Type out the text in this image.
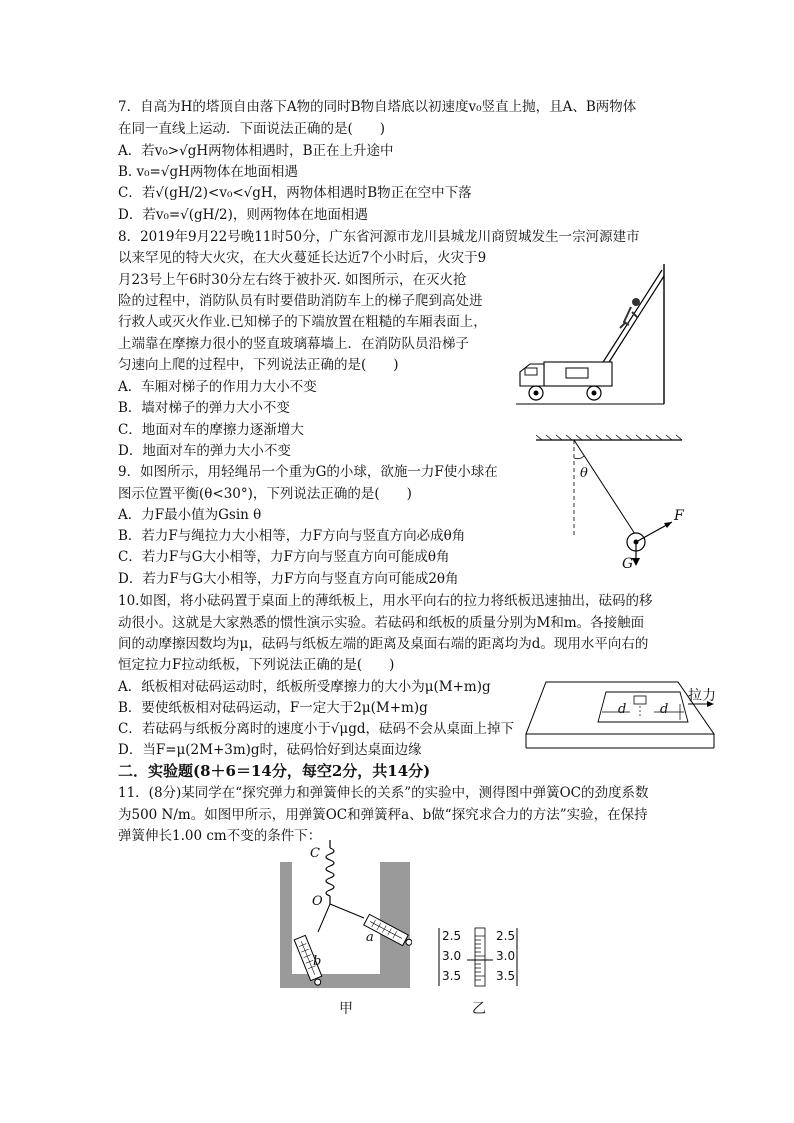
7．自高为H的塔顶自由落下A物的同时B物自塔底以初速度v₀竖直上抛，且A、B两物体
在同一直线上运动．下面说法正确的是(　　)
A．若v₀>√gH两物体相遇时，B正在上升途中
B. v₀=√gH两物体在地面相遇
C．若√(gH/2)<v₀<√gH，两物体相遇时B物正在空中下落
D．若v₀=√(gH/2)，则两物体在地面相遇
8．2019年9月22号晚11时50分，广东省河源市龙川县城龙川商贸城发生一宗河源建市
以来罕见的特大火灾，在大火蔓延长达近7个小时后，火灾于9
月23号上午6时30分左右终于被扑灭. 如图所示，在灭火抢
险的过程中，消防队员有时要借助消防车上的梯子爬到高处进
行救人或灭火作业.已知梯子的下端放置在粗糙的车厢表面上，
上端靠在摩擦力很小的竖直玻璃幕墙上．在消防队员沿梯子
匀速向上爬的过程中，下列说法正确的是(　　)
A．车厢对梯子的作用力大小不变
B．墙对梯子的弹力大小不变
C．地面对车的摩擦力逐渐增大
D．地面对车的弹力大小不变
9．如图所示，用轻绳吊一个重为G的小球，欲施一力F使小球在
图示位置平衡(θ<30°)，下列说法正确的是(　　)
A．力F最小值为Gsin θ
B．若力F与绳拉力大小相等，力F方向与竖直方向必成θ角
C．若力F与G大小相等，力F方向与竖直方向可能成θ角
D．若力F与G大小相等，力F方向与竖直方向可能成2θ角
θ
F
G
10.如图，将小砝码置于桌面上的薄纸板上，用水平向右的拉力将纸板迅速抽出，砝码的移
动很小。这就是大家熟悉的惯性演示实验。若砝码和纸板的质量分别为M和m。各接触面
间的动摩擦因数均为μ，砝码与纸板左端的距离及桌面右端的距离均为d。现用水平向右的
恒定拉力F拉动纸板，下列说法正确的是(　　)
A．纸板相对砝码运动时，纸板所受摩擦力的大小为μ(M+m)g
B．要使纸板相对砝码运动，F一定大于2μ(M+m)g
C．若砝码与纸板分离时的速度小于√μgd，砝码不会从桌面上掉下
D．当F=μ(2M+3m)g时，砝码恰好到达桌面边缘
拉力
d	d
二．实验题(8＋6＝14分，每空2分，共14分)
11．(8分)某同学在“探究弹力和弹簧伸长的关系”的实验中，测得图中弹簧OC的劲度系数
为500 N/m。如图甲所示，用弹簧OC和弹簧秤a、b做“探究求合力的方法”实验，在保持
弹簧伸长1.00 cm不变的条件下：
C
O
a
b
2.5
3.0
3.5
2.5
3.0
3.5
甲	乙
